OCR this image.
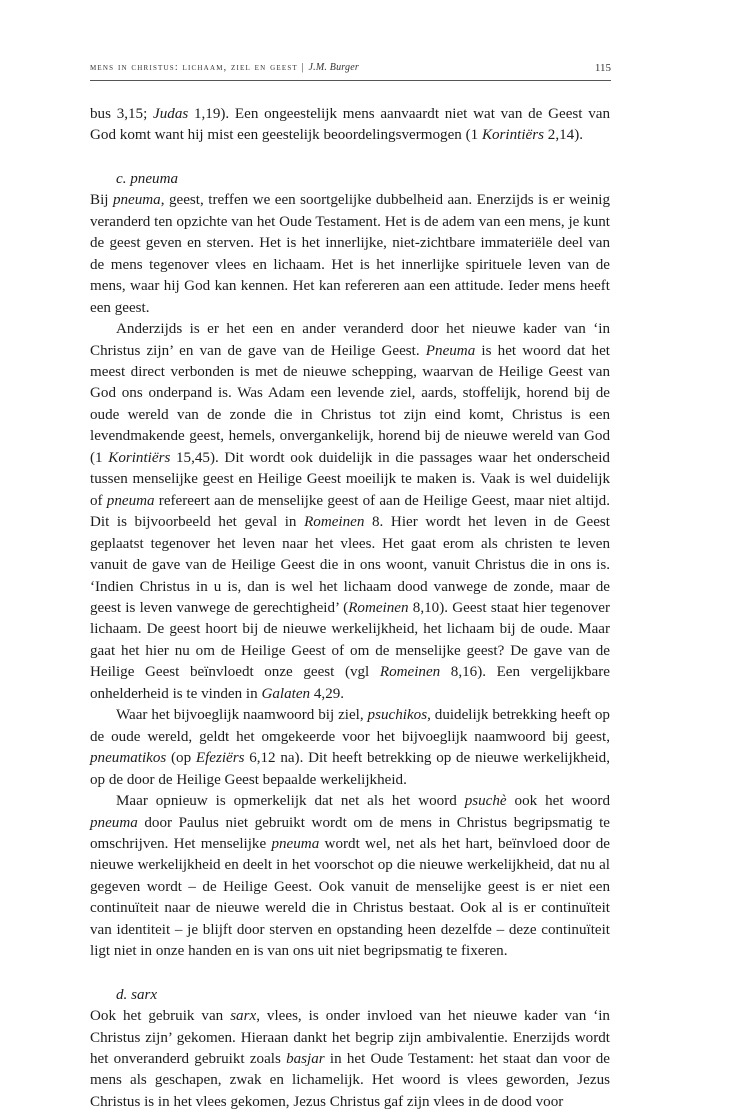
mens in christus: lichaam, ziel en geest | J.M. Burger	115

bus 3,15; Judas 1,19). Een ongeestelijk mens aanvaardt niet wat van de Geest van God komt want hij mist een geestelijk beoordelingsvermogen (1 Korintiërs 2,14).

c. pneuma

Bij pneuma, geest, treffen we een soortgelijke dubbelheid aan. Enerzijds is er weinig veranderd ten opzichte van het Oude Testament. Het is de adem van een mens, je kunt de geest geven en sterven. Het is het innerlijke, niet-zichtbare immateriële deel van de mens tegenover vlees en lichaam. Het is het innerlijke spirituele leven van de mens, waar hij God kan kennen. Het kan refereren aan een attitude. Ieder mens heeft een geest.

Anderzijds is er het een en ander veranderd door het nieuwe kader van ‘in Christus zijn’ en van de gave van de Heilige Geest. Pneuma is het woord dat het meest direct verbonden is met de nieuwe schepping, waarvan de Heilige Geest van God ons onderpand is. Was Adam een levende ziel, aards, stoffelijk, horend bij de oude wereld van de zonde die in Christus tot zijn eind komt, Christus is een levendmakende geest, hemels, onvergankelijk, horend bij de nieuwe wereld van God (1 Korintiërs 15,45). Dit wordt ook duidelijk in die passages waar het onderscheid tussen menselijke geest en Heilige Geest moeilijk te maken is. Vaak is wel duidelijk of pneuma refereert aan de menselijke geest of aan de Heilige Geest, maar niet altijd. Dit is bijvoorbeeld het geval in Romeinen 8. Hier wordt het leven in de Geest geplaatst tegenover het leven naar het vlees. Het gaat erom als christen te leven vanuit de gave van de Heilige Geest die in ons woont, vanuit Christus die in ons is. ‘Indien Christus in u is, dan is wel het lichaam dood vanwege de zonde, maar de geest is leven vanwege de gerechtigheid’ (Romeinen 8,10). Geest staat hier tegenover lichaam. De geest hoort bij de nieuwe werkelijkheid, het lichaam bij de oude. Maar gaat het hier nu om de Heilige Geest of om de menselijke geest? De gave van de Heilige Geest beïnvloedt onze geest (vgl Romeinen 8,16). Een vergelijkbare onhelderheid is te vinden in Galaten 4,29.

Waar het bijvoeglijk naamwoord bij ziel, psuchikos, duidelijk betrekking heeft op de oude wereld, geldt het omgekeerde voor het bijvoeglijk naamwoord bij geest, pneumatikos (op Efeziërs 6,12 na). Dit heeft betrekking op de nieuwe werkelijkheid, op de door de Heilige Geest bepaalde werkelijkheid.

Maar opnieuw is opmerkelijk dat net als het woord psuchè ook het woord pneuma door Paulus niet gebruikt wordt om de mens in Christus begripsmatig te omschrijven. Het menselijke pneuma wordt wel, net als het hart, beïnvloed door de nieuwe werkelijkheid en deelt in het voorschot op die nieuwe werkelijkheid, dat nu al gegeven wordt – de Heilige Geest. Ook vanuit de menselijke geest is er niet een continuïteit naar de nieuwe wereld die in Christus bestaat. Ook al is er continuïteit van identiteit – je blijft door sterven en opstanding heen dezelfde – deze continuïteit ligt niet in onze handen en is van ons uit niet begripsmatig te fixeren.

d. sarx

Ook het gebruik van sarx, vlees, is onder invloed van het nieuwe kader van ‘in Christus zijn’ gekomen. Hieraan dankt het begrip zijn ambivalentie. Enerzijds wordt het onveranderd gebruikt zoals basjar in het Oude Testament: het staat dan voor de mens als geschapen, zwak en lichamelijk. Het woord is vlees geworden, Jezus Christus is in het vlees gekomen, Jezus Christus gaf zijn vlees in de dood voor
